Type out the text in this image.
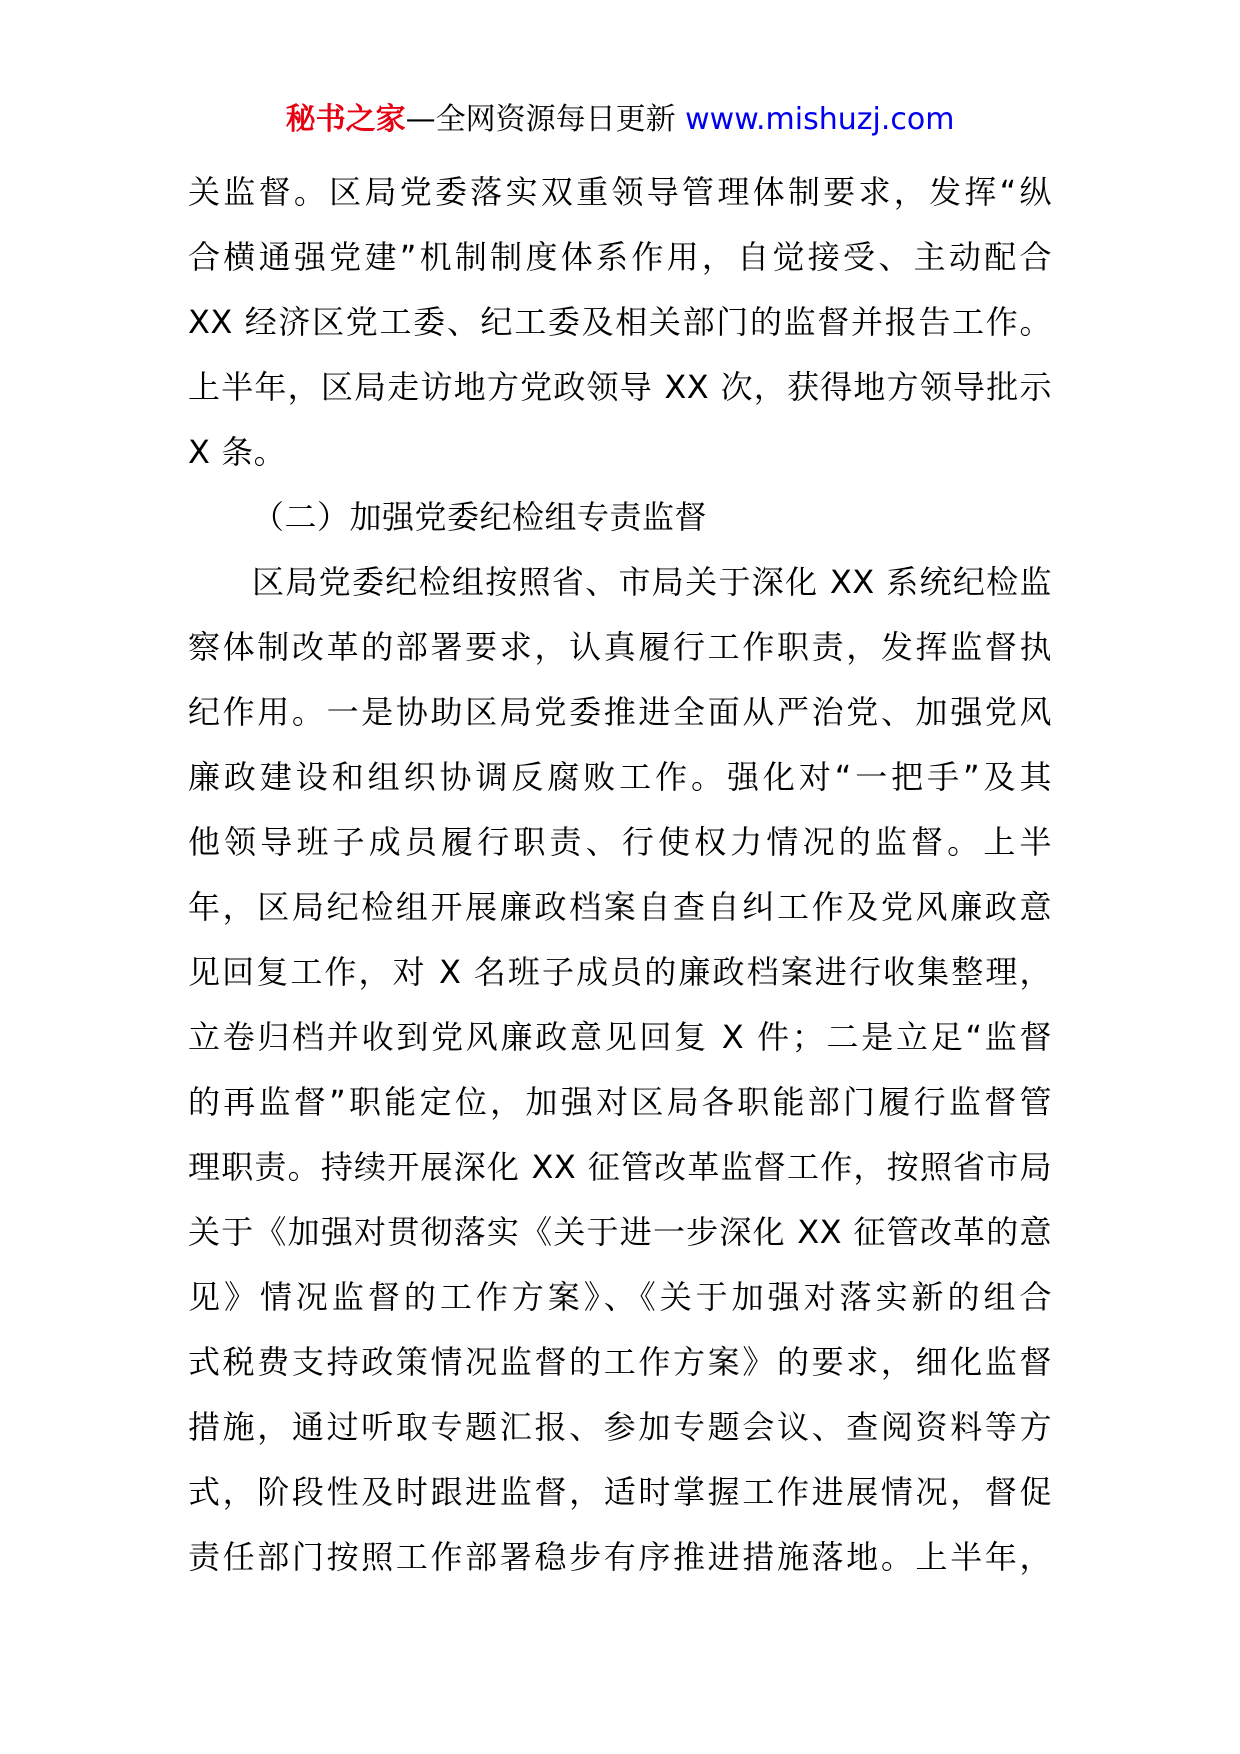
秘书之家—全网资源每日更新 www.mishuzj.com
关监督。区局党委落实双重领导管理体制要求，发挥“纵
合横通强党建”机制制度体系作用，自觉接受、主动配合
XX 经济区党工委、纪工委及相关部门的监督并报告工作。
上半年，区局走访地方党政领导 XX 次，获得地方领导批示
X 条。
（二）加强党委纪检组专责监督
区局党委纪检组按照省、市局关于深化 XX 系统纪检监
察体制改革的部署要求，认真履行工作职责，发挥监督执
纪作用。一是协助区局党委推进全面从严治党、加强党风
廉政建设和组织协调反腐败工作。强化对“一把手”及其
他领导班子成员履行职责、行使权力情况的监督。上半
年，区局纪检组开展廉政档案自查自纠工作及党风廉政意
见回复工作，对 X 名班子成员的廉政档案进行收集整理，
立卷归档并收到党风廉政意见回复 X 件；二是立足“监督
的再监督”职能定位，加强对区局各职能部门履行监督管
理职责。持续开展深化 XX 征管改革监督工作，按照省市局
关于《加强对贯彻落实《关于进一步深化 XX 征管改革的意
见》情况监督的工作方案》、《关于加强对落实新的组合
式税费支持政策情况监督的工作方案》的要求，细化监督
措施，通过听取专题汇报、参加专题会议、查阅资料等方
式，阶段性及时跟进监督，适时掌握工作进展情况，督促
责任部门按照工作部署稳步有序推进措施落地。上半年，
